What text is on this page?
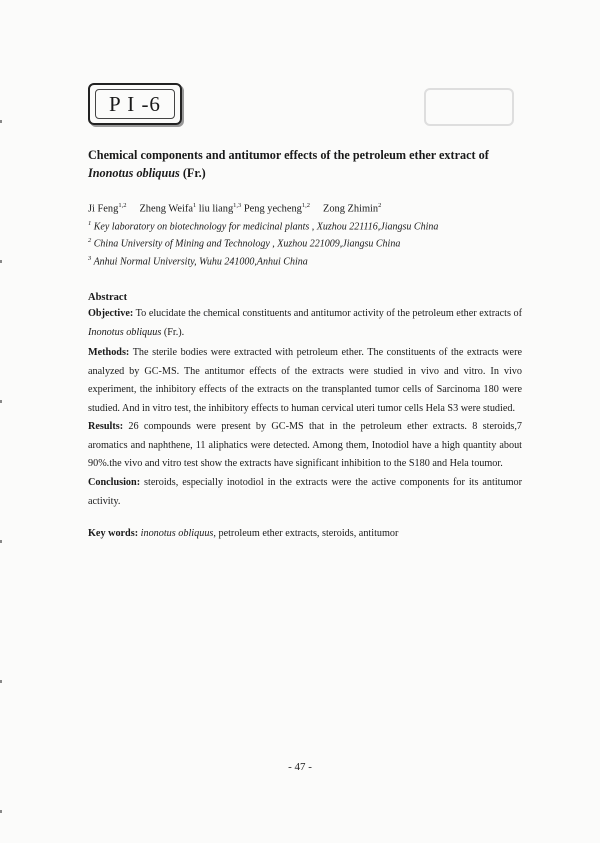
P I -6
Chemical components and antitumor effects of the petroleum ether extract of
Inonotus obliquus (Fr.)
Ji Feng$^{1,2}$ Zheng Weifa$^1$ liu liang$^{1,3}$ Peng yecheng$^{1,2}$ Zong Zhimin$^2$
$^1$ Key laboratory on biotechnology for medicinal plants , Xuzhou 221116,Jiangsu China
$^2$ China University of Mining and Technology , Xuzhou 221009,Jiangsu China
$^3$ Anhui Normal University, Wuhu 241000,Anhui China
Abstract
Objective: To elucidate the chemical constituents and antitumor activity of the petroleum ether extracts of Inonotus obliquus (Fr.).
Methods: The sterile bodies were extracted with petroleum ether. The constituents of the extracts were analyzed by GC-MS. The antitumor effects of the extracts were studied in vivo and vitro. In vivo experiment, the inhibitory effects of the extracts on the transplanted tumor cells of Sarcinoma 180 were studied. And in vitro test, the inhibitory effects to human cervical uteri tumor cells Hela S3 were studied.
Results: 26 compounds were present by GC-MS that in the petroleum ether extracts. 8 steroids,7 aromatics and naphthene, 11 aliphatics were detected. Among them, Inotodiol have a high quantity about 90%.the vivo and vitro test show the extracts have significant inhibition to the S180 and Hela toumor.
Conclusion: steroids, especially inotodiol in the extracts were the active components for its antitumor activity.
Key words: inonotus obliquus, petroleum ether extracts, steroids, antitumor
- 47 -
